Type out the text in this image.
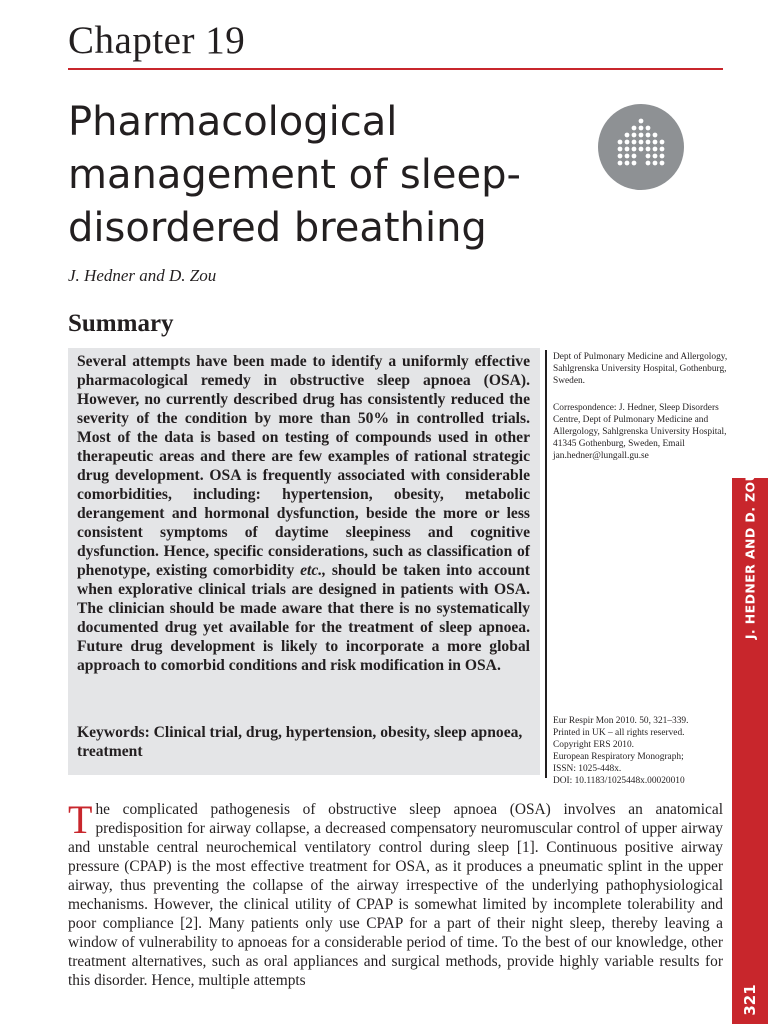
Chapter 19
Pharmacological management of sleep-disordered breathing
J. Hedner and D. Zou
Summary

Several attempts have been made to identify a uniformly effective pharmacological remedy in obstructive sleep apnoea (OSA). However, no currently described drug has consistently reduced the severity of the condition by more than 50% in controlled trials. Most of the data is based on testing of compounds used in other therapeutic areas and there are few examples of rational strategic drug development. OSA is frequently associated with considerable comorbidities, including: hypertension, obesity, metabolic derangement and hormonal dysfunction, beside the more or less consistent symptoms of daytime sleepiness and cognitive dysfunction. Hence, specific considerations, such as classification of phenotype, existing comorbidity etc., should be taken into account when explorative clinical trials are designed in patients with OSA. The clinician should be made aware that there is no systematically documented drug yet available for the treatment of sleep apnoea. Future drug development is likely to incorporate a more global approach to comorbid conditions and risk modification in OSA.

Keywords: Clinical trial, drug, hypertension, obesity, sleep apnoea, treatment

Dept of Pulmonary Medicine and Allergology, Sahlgrenska University Hospital, Gothenburg, Sweden.

Correspondence: J. Hedner, Sleep Disorders Centre, Dept of Pulmonary Medicine and Allergology, Sahlgrenska University Hospital, 41345 Gothenburg, Sweden, Email jan.hedner@lungall.gu.se

Eur Respir Mon 2010. 50, 321–339.

Printed in UK – all rights reserved.

Copyright ERS 2010.

European Respiratory Monograph;

ISSN: 1025-448x.

DOI: 10.1183/1025448x.00020010

J. HEDNER AND D. ZOU
321

The complicated pathogenesis of obstructive sleep apnoea (OSA) involves an anatomical predisposition for airway collapse, a decreased compensatory neuromuscular control of upper airway and unstable central neurochemical ventilatory control during sleep [1]. Continuous positive airway pressure (CPAP) is the most effective treatment for OSA, as it produces a pneumatic splint in the upper airway, thus preventing the collapse of the airway irrespective of the underlying pathophysiological mechanisms. However, the clinical utility of CPAP is somewhat limited by incomplete tolerability and poor compliance [2]. Many patients only use CPAP for a part of their night sleep, thereby leaving a window of vulnerability to apnoeas for a considerable period of time. To the best of our knowledge, other treatment alternatives, such as oral appliances and surgical methods, provide highly variable results for this disorder. Hence, multiple attempts
